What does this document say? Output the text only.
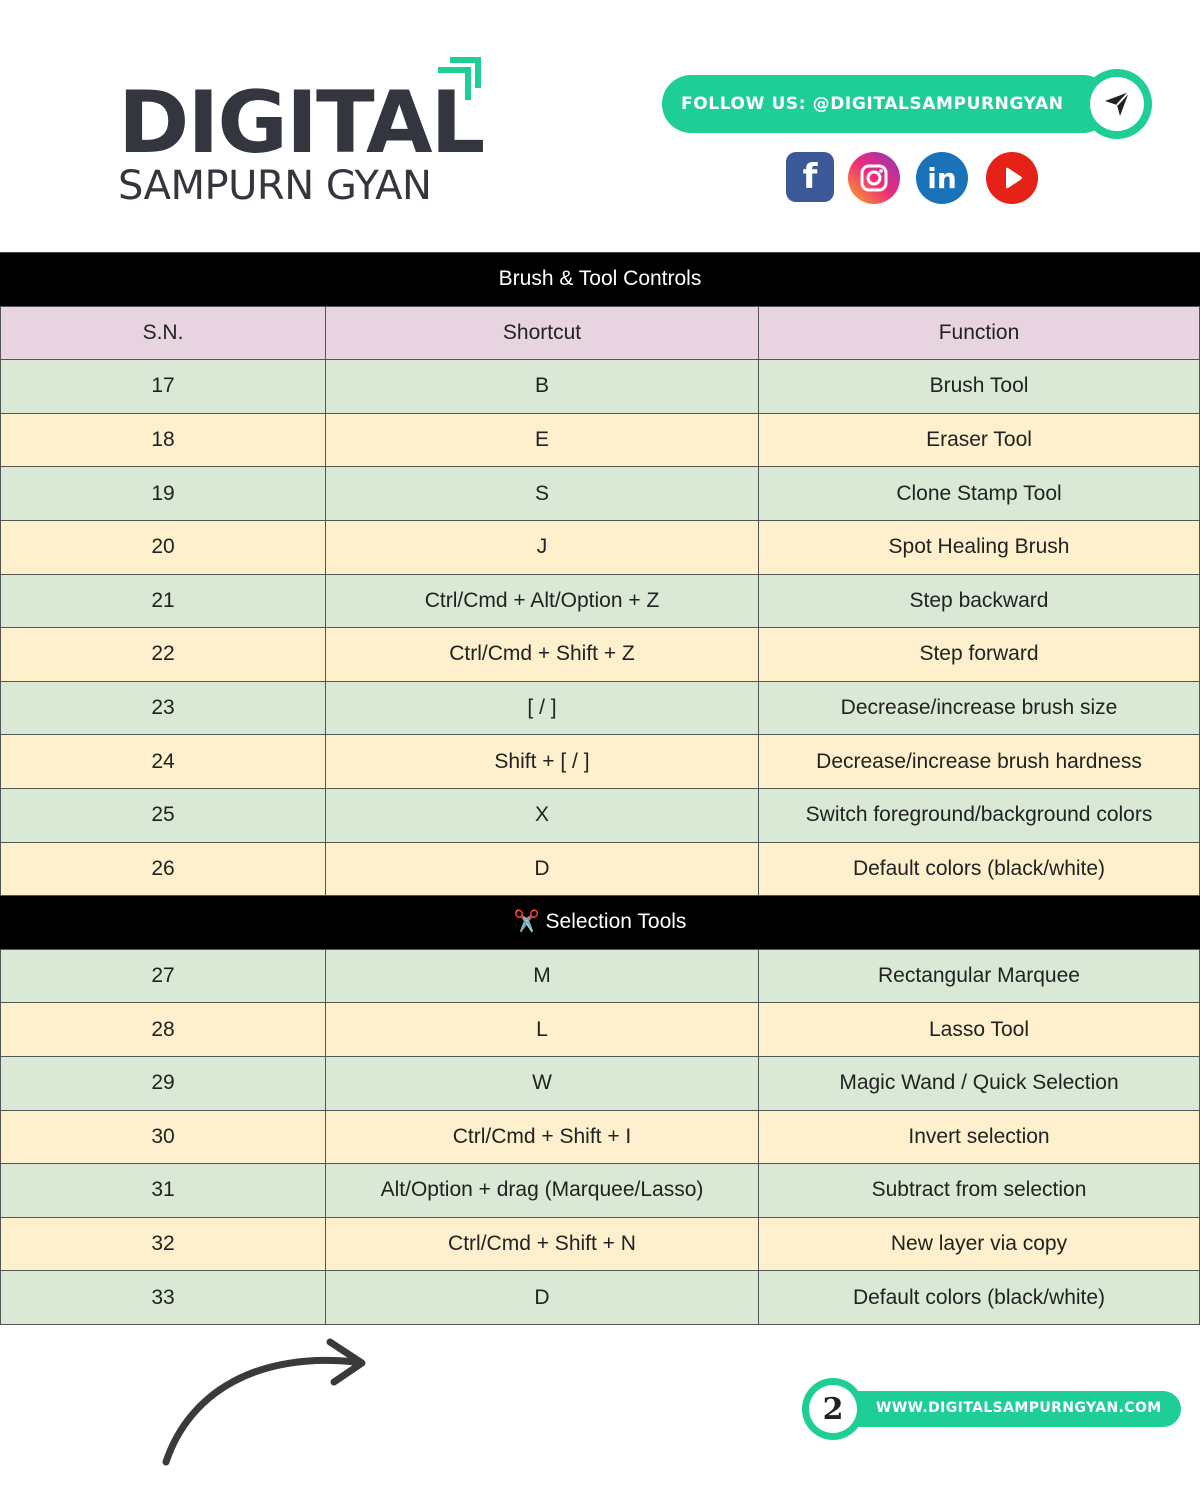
DIGITAL
SAMPURN GYAN
FOLLOW US: @DIGITALSAMPURNGYAN
f	in
Brush & Tool Controls
S.N.	Shortcut	Function
17	B	Brush Tool
18	E	Eraser Tool
19	S	Clone Stamp Tool
20	J	Spot Healing Brush
21	Ctrl/Cmd + Alt/Option + Z	Step backward
22	Ctrl/Cmd + Shift + Z	Step forward
23	[ / ]	Decrease/increase brush size
24	Shift + [ / ]	Decrease/increase brush hardness
25	X	Switch foreground/background colors
26	D	Default colors (black/white)
✂️ Selection Tools
27	M	Rectangular Marquee
28	L	Lasso Tool
29	W	Magic Wand / Quick Selection
30	Ctrl/Cmd + Shift + I	Invert selection
31	Alt/Option + drag (Marquee/Lasso)	Subtract from selection
32	Ctrl/Cmd + Shift + N	New layer via copy
33	D	Default colors (black/white)
WWW.DIGITALSAMPURNGYAN.COM
2
